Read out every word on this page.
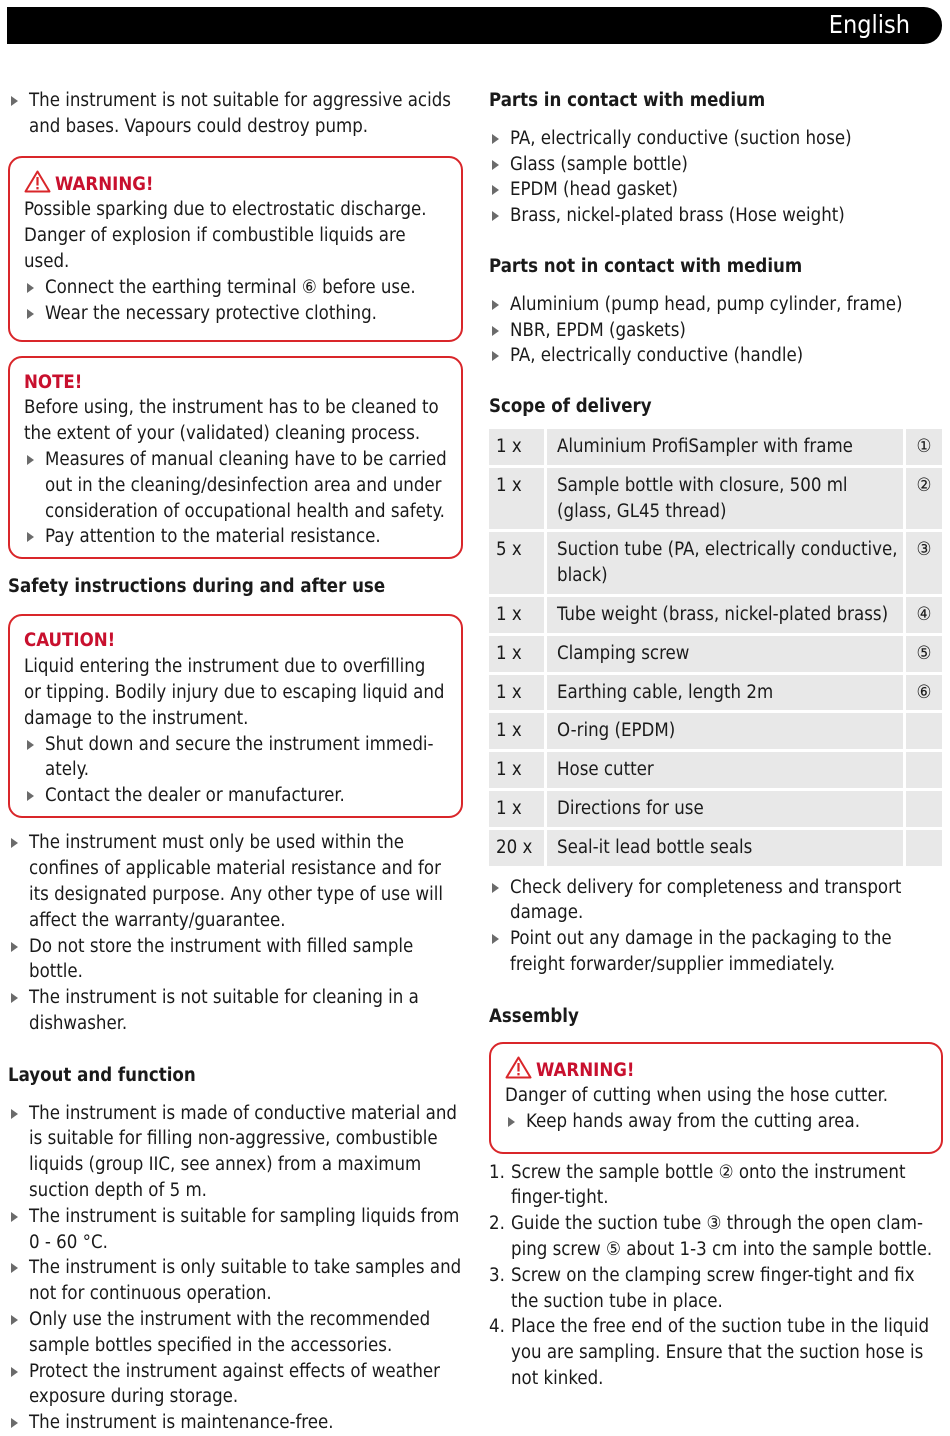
English
The instrument is not suitable for aggressive acids and bases. Vapours could destroy pump.
WARNING!

Possible sparking due to electrostatic discharge.

Danger of explosion if combustible liquids are used.

Connect the earthing terminal ⑥ before use.
Wear the necessary protective clothing.
NOTE!

Before using, the instrument has to be cleaned to the extent of your (validated) cleaning process.

Measures of manual cleaning have to be carried out in the cleaning/desinfection area and under consideration of occupational health and safety.
Pay attention to the material resistance.
Safety instructions during and after use
CAUTION!

Liquid entering the instrument due to overfilling or tipping. Bodily injury due to escaping liquid and damage to the instrument.

Shut down and secure the instrument immedi-ately.
Contact the dealer or manufacturer.
The instrument must only be used within the confines of applicable material resistance and for its designated purpose. Any other type of use will affect the warranty/guarantee.
Do not store the instrument with filled sample bottle.
The instrument is not suitable for cleaning in a dishwasher.
Layout and function
The instrument is made of conductive material and is suitable for filling non-aggressive, combustible liquids (group IIC, see annex) from a maximum suction depth of 5 m.
The instrument is suitable for sampling liquids from 0 - 60 °C.
The instrument is only suitable to take samples and not for continuous operation.
Only use the instrument with the recommended sample bottles specified in the accessories.
Protect the instrument against effects of weather exposure during storage.
The instrument is maintenance-free.
Parts in contact with medium
PA, electrically conductive (suction hose)
Glass (sample bottle)
EPDM (head gasket)
Brass, nickel-plated brass (Hose weight)
Parts not in contact with medium
Aluminium (pump head, pump cylinder, frame)
NBR, EPDM (gaskets)
PA, electrically conductive (handle)
Scope of delivery
1 x	Aluminium ProfiSampler with frame	①
1 x	Sample bottle with closure, 500 ml (glass, GL45 thread)	②
5 x	Suction tube (PA, electrically conductive, black)	③
1 x	Tube weight (brass, nickel-plated brass)	④
1 x	Clamping screw	⑤
1 x	Earthing cable, length 2m	⑥
1 x	O-ring (EPDM)	
1 x	Hose cutter	
1 x	Directions for use	
20 x	Seal-it lead bottle seals	
Check delivery for completeness and transport damage.
Point out any damage in the packaging to the freight forwarder/supplier immediately.
Assembly
WARNING!

Danger of cutting when using the hose cutter.

Keep hands away from the cutting area.
1. Screw the sample bottle ② onto the instrument finger-tight.
2. Guide the suction tube ③ through the open clam-ping screw ⑤ about 1-3 cm into the sample bottle.
3. Screw on the clamping screw finger-tight and fix the suction tube in place.
4. Place the free end of the suction tube in the liquid you are sampling. Ensure that the suction hose is not kinked.
